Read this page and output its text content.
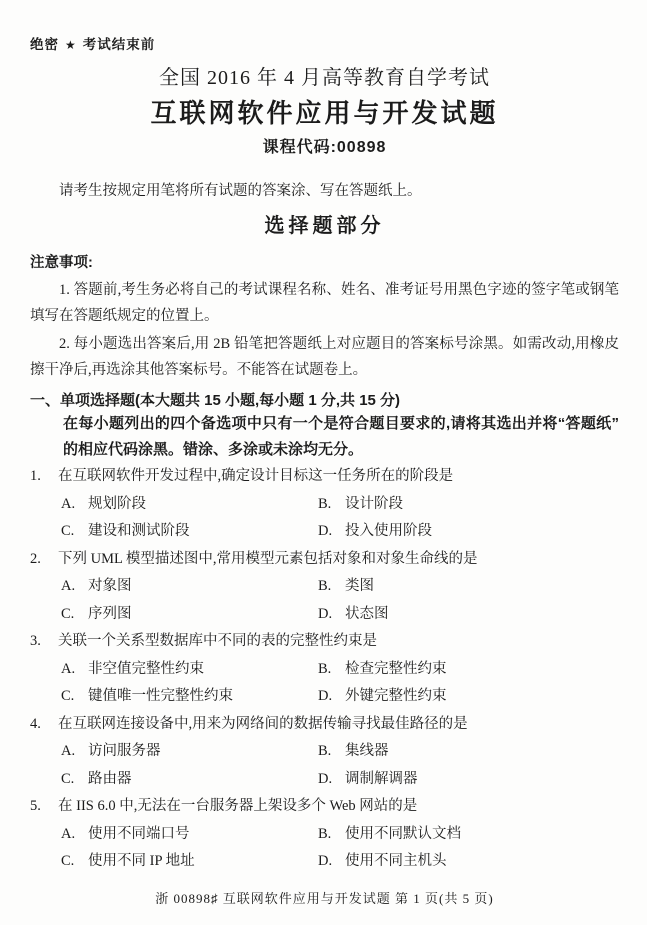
绝密 ★ 考试结束前
全国 2016 年 4 月高等教育自学考试
互联网软件应用与开发试题
课程代码:00898

请考生按规定用笔将所有试题的答案涂、写在答题纸上。

选择题部分
注意事项:

1. 答题前,考生务必将自己的考试课程名称、姓名、准考证号用黑色字迹的签字笔或钢笔填写在答题纸规定的位置上。

2. 每小题选出答案后,用 2B 铅笔把答题纸上对应题目的答案标号涂黑。如需改动,用橡皮擦干净后,再选涂其他答案标号。不能答在试题卷上。

一、单项选择题(本大题共 15 小题,每小题 1 分,共 15 分)
在每小题列出的四个备选项中只有一个是符合题目要求的,请将其选出并将“答题纸”的相应代码涂黑。错涂、多涂或未涂均无分。
1.	在互联网软件开发过程中,确定设计目标这一任务所在的阶段是
A. 规划阶段	B. 设计阶段
C. 建设和测试阶段	D. 投入使用阶段
2.	下列 UML 模型描述图中,常用模型元素包括对象和对象生命线的是
A. 对象图	B. 类图
C. 序列图	D. 状态图
3.	关联一个关系型数据库中不同的表的完整性约束是
A. 非空值完整性约束	B. 检查完整性约束
C. 键值唯一性完整性约束	D. 外键完整性约束
4.	在互联网连接设备中,用来为网络间的数据传输寻找最佳路径的是
A. 访问服务器	B. 集线器
C. 路由器	D. 调制解调器
5.	在 IIS 6.0 中,无法在一台服务器上架设多个 Web 网站的是
A. 使用不同端口号	B. 使用不同默认文档
C. 使用不同 IP 地址	D. 使用不同主机头
浙 00898♯ 互联网软件应用与开发试题 第 1 页(共 5 页)
